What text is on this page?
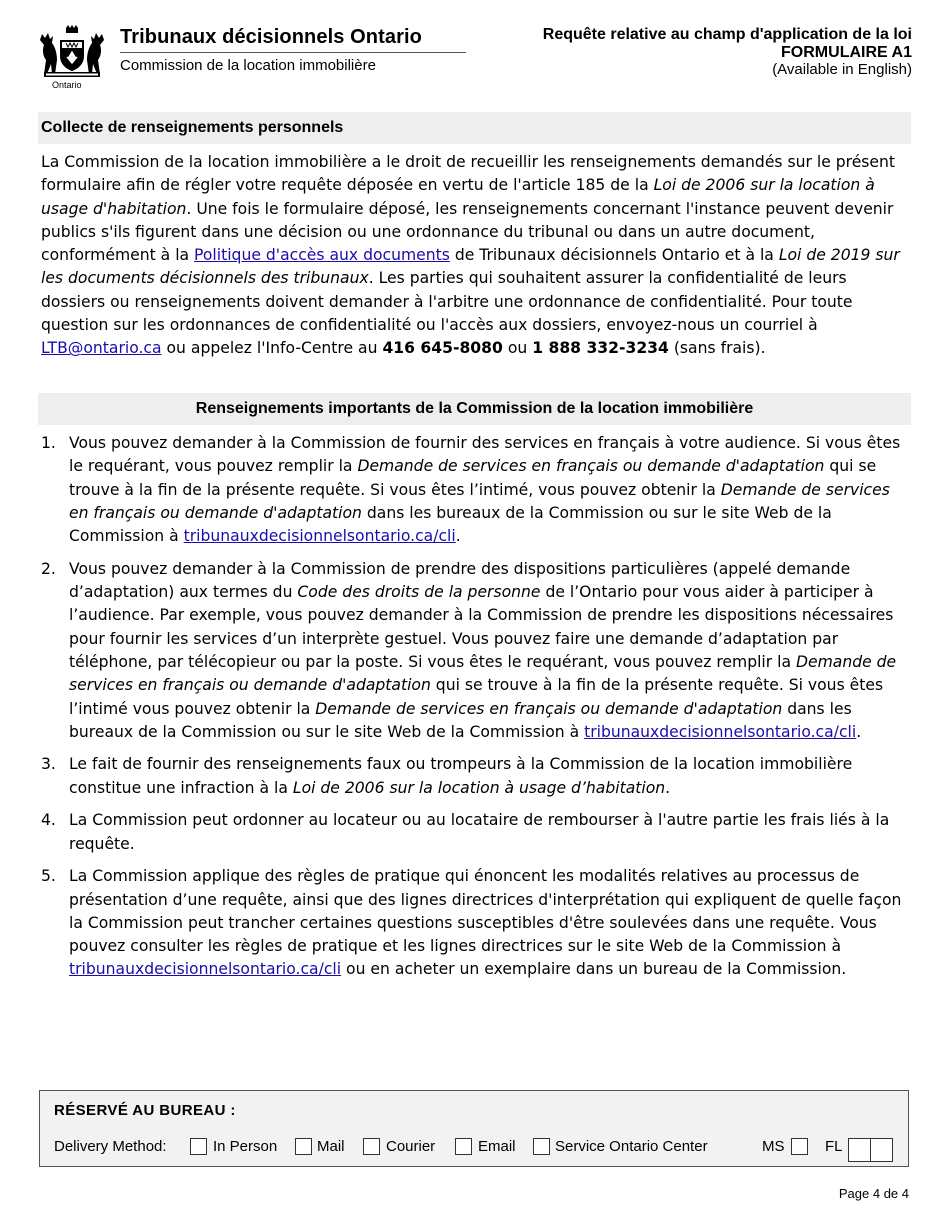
Ontario
Tribunaux décisionnels Ontario
Commission de la location immobilière
Requête relative au champ d'application de la loi
FORMULAIRE A1
(Available in English)
Collecte de renseignements personnels

La Commission de la location immobilière a le droit de recueillir les renseignements demandés sur le présent formulaire afin de régler votre requête déposée en vertu de l'article 185 de la Loi de 2006 sur la location à usage d'habitation. Une fois le formulaire déposé, les renseignements concernant l'instance peuvent devenir publics s'ils figurent dans une décision ou une ordonnance du tribunal ou dans un autre document, conformément à la Politique d'accès aux documents de Tribunaux décisionnels Ontario et à la Loi de 2019 sur les documents décisionnels des tribunaux. Les parties qui souhaitent assurer la confidentialité de leurs dossiers ou renseignements doivent demander à l'arbitre une ordonnance de confidentialité. Pour toute question sur les ordonnances de confidentialité ou l'accès aux dossiers, envoyez-nous un courriel à LTB@ontario.ca ou appelez l'Info-Centre au 416 645-8080 ou 1 888 332-3234 (sans frais).

Renseignements importants de la Commission de la location immobilière
1. Vous pouvez demander à la Commission de fournir des services en français à votre audience. Si vous êtes le requérant, vous pouvez remplir la Demande de services en français ou demande d'adaptation qui se trouve à la fin de la présente requête. Si vous êtes l’intimé, vous pouvez obtenir la Demande de services en français ou demande d'adaptation dans les bureaux de la Commission ou sur le site Web de la Commission à tribunauxdecisionnelsontario.ca/cli.
2. Vous pouvez demander à la Commission de prendre des dispositions particulières (appelé demande d’adaptation) aux termes du Code des droits de la personne de l’Ontario pour vous aider à participer à l’audience. Par exemple, vous pouvez demander à la Commission de prendre les dispositions nécessaires pour fournir les services d’un interprète gestuel. Vous pouvez faire une demande d’adaptation par téléphone, par télécopieur ou par la poste. Si vous êtes le requérant, vous pouvez remplir la Demande de services en français ou demande d'adaptation qui se trouve à la fin de la présente requête. Si vous êtes l’intimé vous pouvez obtenir la Demande de services en français ou demande d'adaptation dans les bureaux de la Commission ou sur le site Web de la Commission à tribunauxdecisionnelsontario.ca/cli.
3. Le fait de fournir des renseignements faux ou trompeurs à la Commission de la location immobilière constitue une infraction à la Loi de 2006 sur la location à usage d’habitation.
4. La Commission peut ordonner au locateur ou au locataire de rembourser à l'autre partie les frais liés à la requête.
5. La Commission applique des règles de pratique qui énoncent les modalités relatives au processus de présentation d’une requête, ainsi que des lignes directrices d'interprétation qui expliquent de quelle façon la Commission peut trancher certaines questions susceptibles d'être soulevées dans une requête. Vous pouvez consulter les règles de pratique et les lignes directrices sur le site Web de la Commission à tribunauxdecisionnelsontario.ca/cli ou en acheter un exemplaire dans un bureau de la Commission.
RÉSERVÉ AU BUREAU :
Delivery Method:	In Person	Mail	Courier	Email	Service Ontario Center	MS	FL
Page 4 de 4
